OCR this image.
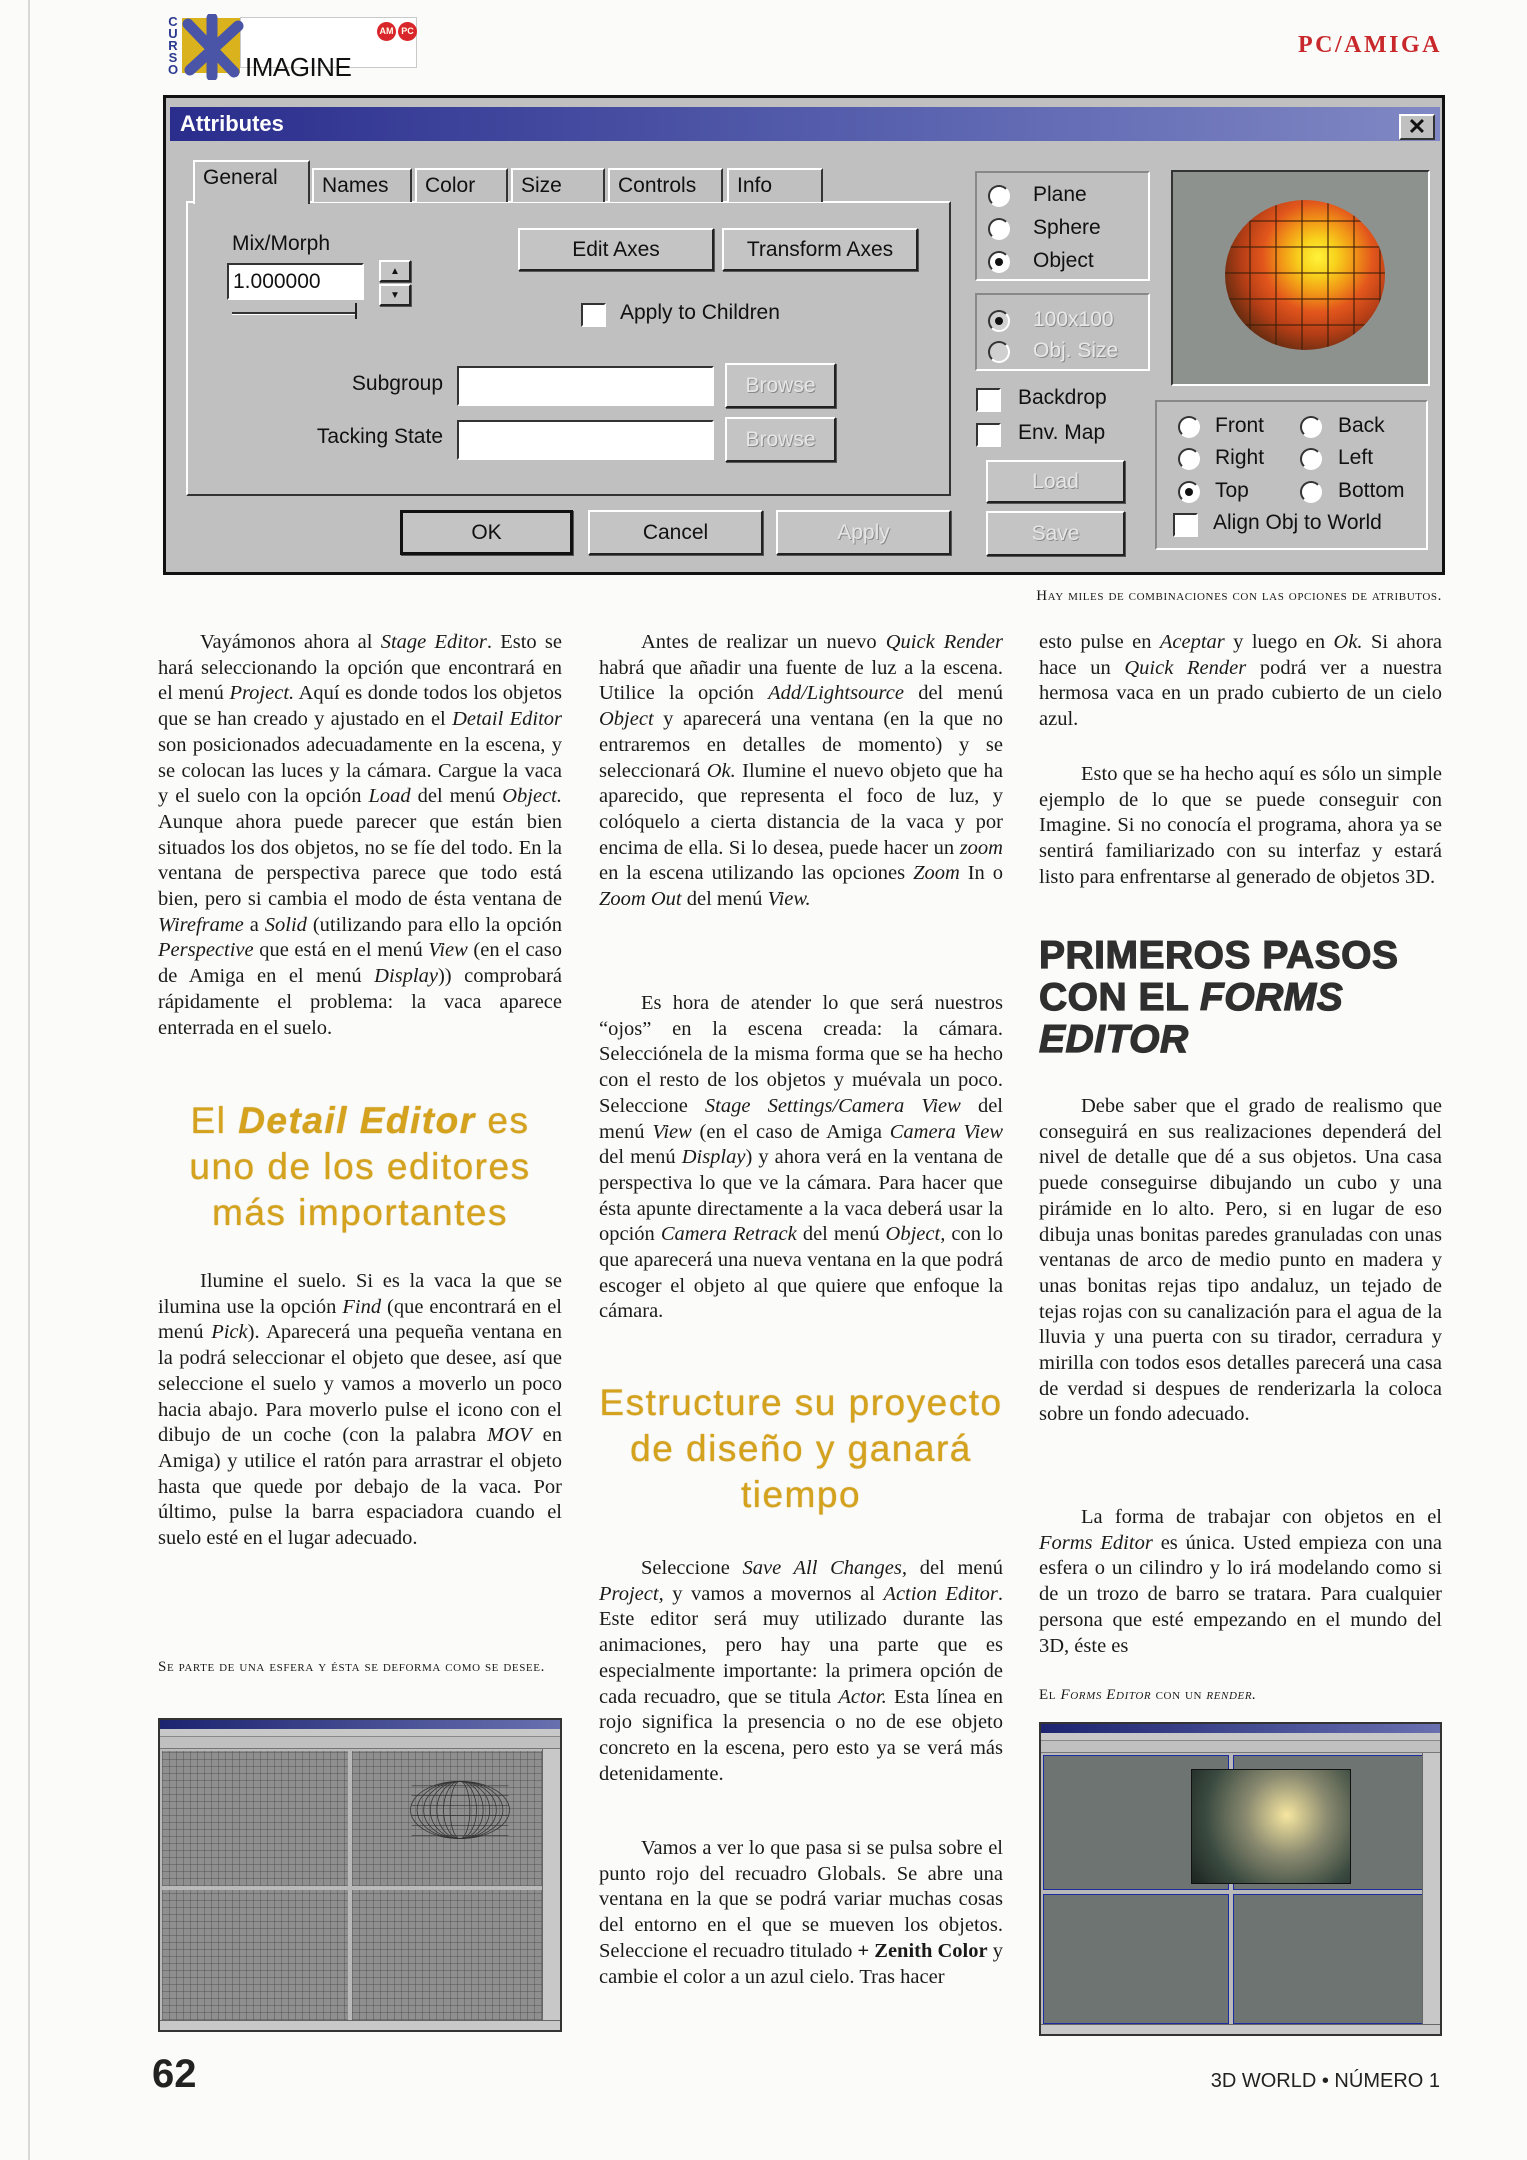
CURSO	IMAGINE
AM PC
PC/AMIGA
Attributes	✕
General	Names	Color	Size	Controls	Info
Mix/Morph
1.000000	▲
▼
Edit Axes	Transform Axes
Apply to Children
Subgroup	Browse
Tacking State	Browse
OK	Cancel	Apply
Plane
Sphere
Object
100x100
Obj. Size
Backdrop
Env. Map
Load
Save
Front	Back
Right	Left
Top	Bottom
Align Obj to World
Hay miles de combinaciones con las opciones de atributos.
Vayámonos ahora al Stage Editor. Esto se hará seleccionando la opción que encontrará en el menú Project. Aquí es donde todos los objetos que se han creado y ajustado en el Detail Editor son posicionados adecuadamente en la escena, y se colocan las luces y la cámara. Cargue la vaca y el suelo con la opción Load del menú Object. Aunque ahora puede parecer que están bien situados los dos objetos, no se fíe del todo. En la ventana de perspectiva parece que todo está bien, pero si cambia el modo de ésta ventana de Wireframe a Solid (utilizando para ello la opción Perspective que está en el menú View (en el caso de Amiga en el menú Display)) comprobará rápidamente el problema: la vaca aparece enterrada en el suelo.
El Detail Editor es uno de los editores más importantes
Ilumine el suelo. Si es la vaca la que se ilumina use la opción Find (que encontrará en el menú Pick). Aparecerá una pequeña ventana en la podrá seleccionar el objeto que desee, así que seleccione el suelo y vamos a moverlo un poco hacia abajo. Para moverlo pulse el icono con el dibujo de un coche (con la palabra MOV en Amiga) y utilice el ratón para arrastrar el objeto hasta que quede por debajo de la vaca. Por último, pulse la barra espaciadora cuando el suelo esté en el lugar adecuado.
Se parte de una esfera y ésta se deforma como se desee.
Antes de realizar un nuevo Quick Render habrá que añadir una fuente de luz a la escena. Utilice la opción Add/Lightsource del menú Object y aparecerá una ventana (en la que no entraremos en detalles de momento) y se seleccionará Ok. Ilumine el nuevo objeto que ha aparecido, que representa el foco de luz, y colóquelo a cierta distancia de la vaca y por encima de ella. Si lo desea, puede hacer un zoom en la escena utilizando las opciones Zoom In o Zoom Out del menú View.
Es hora de atender lo que será nuestros “ojos” en la escena creada: la cámara. Selecciónela de la misma forma que se ha hecho con el resto de los objetos y muévala un poco. Seleccione Stage Settings/Camera View del menú View (en el caso de Amiga Camera View del menú Display) y ahora verá en la ventana de perspectiva lo que ve la cámara. Para hacer que ésta apunte directamente a la vaca deberá usar la opción Camera Retrack del menú Object, con lo que aparecerá una nueva ventana en la que podrá escoger el objeto al que quiere que enfoque la cámara.
Estructure su proyecto de diseño y ganará tiempo
Seleccione Save All Changes, del menú Project, y vamos a movernos al Action Editor. Este editor será muy utilizado durante las animaciones, pero hay una parte que es especialmente importante: la primera opción de cada recuadro, que se titula Actor. Esta línea en rojo significa la presencia o no de ese objeto concreto en la escena, pero esto ya se verá más detenidamente.
Vamos a ver lo que pasa si se pulsa sobre el punto rojo del recuadro Globals. Se abre una ventana en la que se podrá variar muchas cosas del entorno en el que se mueven los objetos. Seleccione el recuadro titulado + Zenith Color y cambie el color a un azul cielo. Tras hacer
esto pulse en Aceptar y luego en Ok. Si ahora hace un Quick Render podrá ver a nuestra hermosa vaca en un prado cubierto de un cielo azul.
Esto que se ha hecho aquí es sólo un simple ejemplo de lo que se puede conseguir con Imagine. Si no conocía el programa, ahora ya se sentirá familiarizado con su interfaz y estará listo para enfrentarse al generado de objetos 3D.
PRIMEROS PASOS CON EL FORMS EDITOR
Debe saber que el grado de realismo que conseguirá en sus realizaciones dependerá del nivel de detalle que dé a sus objetos. Una casa puede conseguirse dibujando un cubo y una pirámide en lo alto. Pero, si en lugar de eso dibuja unas bonitas paredes granuladas con unas ventanas de arco de medio punto en madera y unas bonitas rejas tipo andaluz, un tejado de tejas rojas con su canalización para el agua de la lluvia y una puerta con su tirador, cerradura y mirilla con todos esos detalles parecerá una casa de verdad si despues de renderizarla la coloca sobre un fondo adecuado.
La forma de trabajar con objetos en el Forms Editor es única. Usted empieza con una esfera o un cilindro y lo irá modelando como si de un trozo de barro se tratara. Para cualquier persona que esté empezando en el mundo del 3D, éste es
El Forms Editor con un render.
62	3D WORLD • NÚMERO 1
